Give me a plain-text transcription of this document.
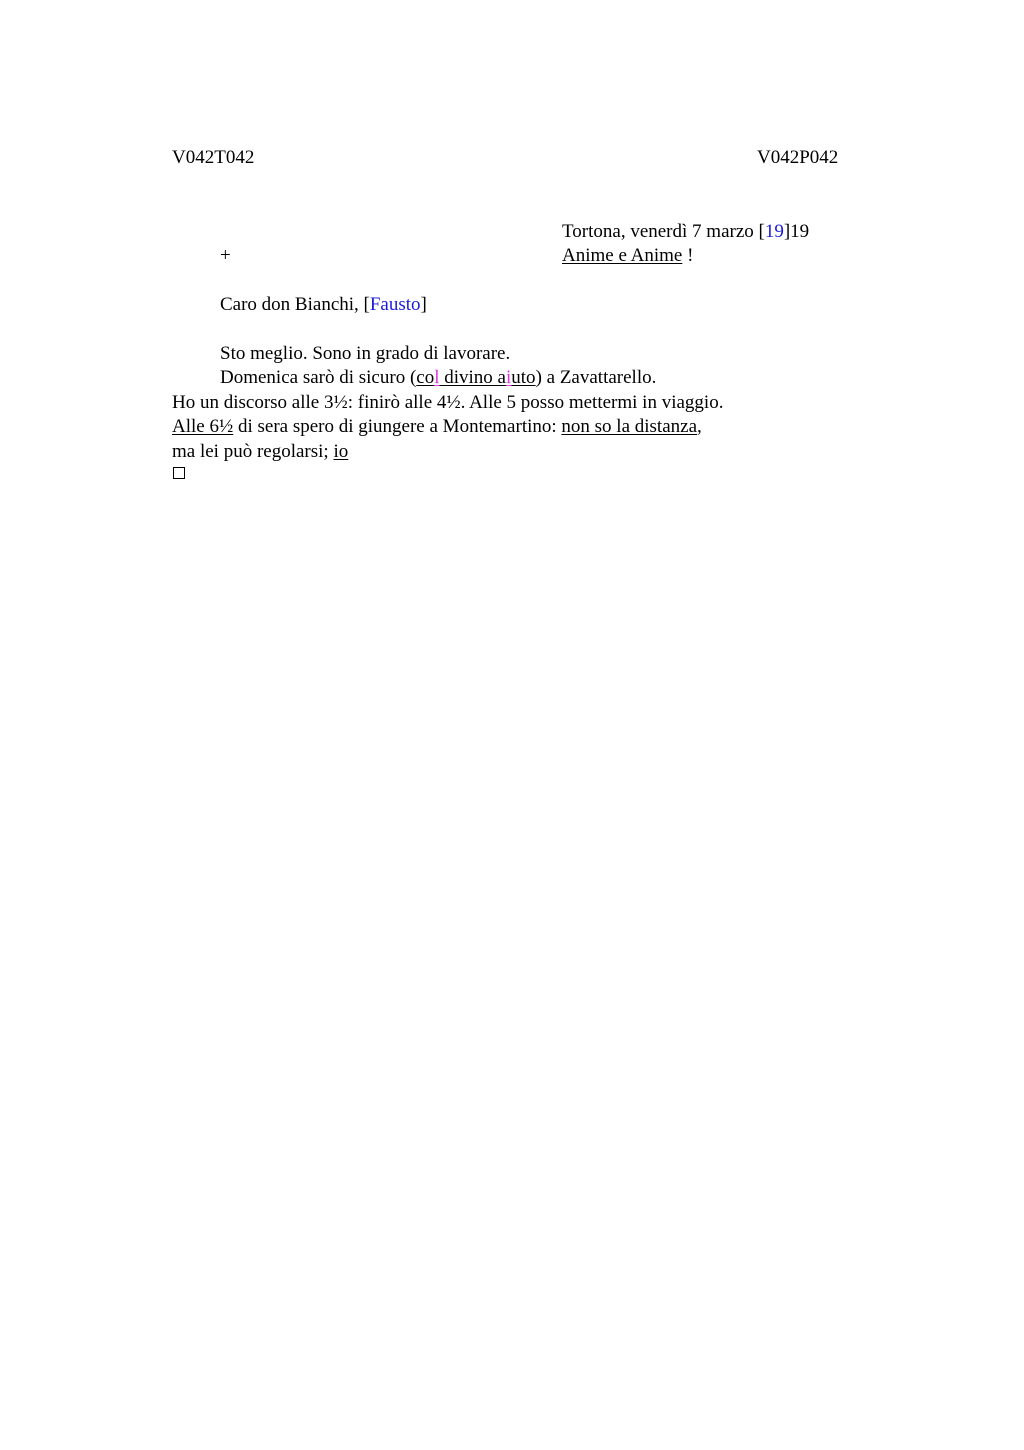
V042T042	V042P042
Tortona, venerdì 7 marzo [19]19
+	Anime e Anime !
Caro don Bianchi, [Fausto]
Sto meglio. Sono in grado di lavorare.
Domenica sarò di sicuro (col divino aiuto) a Zavattarello.
Ho un discorso alle 3½: finirò alle 4½. Alle 5 posso mettermi in viaggio.
Alle 6½ di sera spero di giungere a Montemartino: non so la distanza,
ma lei può regolarsi; io
